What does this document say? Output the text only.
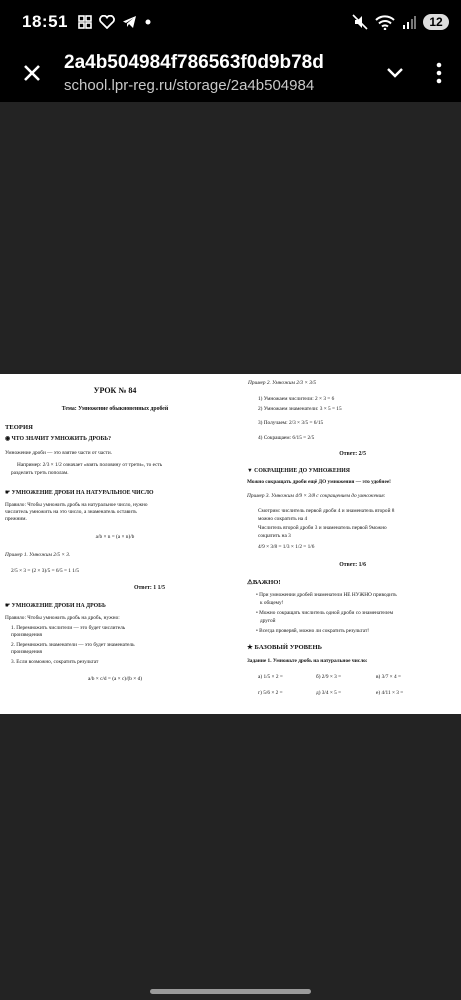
18:51	12
2a4b504984f786563f0d9b78d
school.lpr-reg.ru/storage/2a4b504984
УРОК № 84
Тема: Умножение обыкновенных дробей
ТЕОРИЯ
◉ ЧТО ЗНАЧИТ УМНОЖИТЬ ДРОБЬ?
Умножение дроби — это взятие части от части.
Например: 2/3 × 1/2 означает «взять половину от трети», то есть
разделить треть пополам.
☛ УМНОЖЕНИЕ ДРОБИ НА НАТУРАЛЬНОЕ ЧИСЛО
Правило: Чтобы умножить дробь на натуральное число, нужно
числитель умножить на это число, а знаменатель оставить
прежним.
a/b × n = (a × n)/b
Пример 1. Умножим 2/5 × 3.
2/5 × 3 = (2 × 3)/5 = 6/5 = 1 1/5
Ответ: 1 1/5
☛ УМНОЖЕНИЕ ДРОБИ НА ДРОБЬ
Правило: Чтобы умножить дробь на дробь, нужно:
1. Перемножить числители — это будет числитель
произведения
2. Перемножить знаменатели — это будет знаменатель
произведения
3. Если возможно, сократить результат
a/b × c/d = (a × c)/(b × d)
Пример 2. Умножим 2/3 × 3/5
1) Умножаем числители: 2 × 3 = 6
2) Умножаем знаменатели: 3 × 5 = 15
3) Получаем: 2/3 × 3/5 = 6/15
4) Сокращаем: 6/15 = 2/5
Ответ: 2/5
▼ СОКРАЩЕНИЕ ДО УМНОЖЕНИЯ
Можно сокращать дроби ещё ДО умножения — это удобнее!
Пример 3. Умножим 4/9 × 3/8 с сокращением до умножения:
Смотрим: числитель первой дроби 4 и знаменатель второй 8
можно сократить на 4
Числитель второй дроби 3 и знаменатель первой 9можно
сократить на 3
4/9 × 3/8 = 1/3 × 1/2 = 1/6
Ответ: 1/6
⚠ВАЖНО!
• При умножении дробей знаменатели НЕ НУЖНО приводить
к общему!
• Можно сокращать числитель одной дроби со знаменателем
другой
• Всегда проверяй, можно ли сократить результат!
★ БАЗОВЫЙ УРОВЕНЬ
Задание 1. Умножьте дробь на натуральное число:
а) 1/5 × 2 =	б) 2/9 × 3 =	в) 3/7 × 4 =
г) 5/6 × 2 =	д) 3/4 × 5 =	е) 4/11 × 3 =
